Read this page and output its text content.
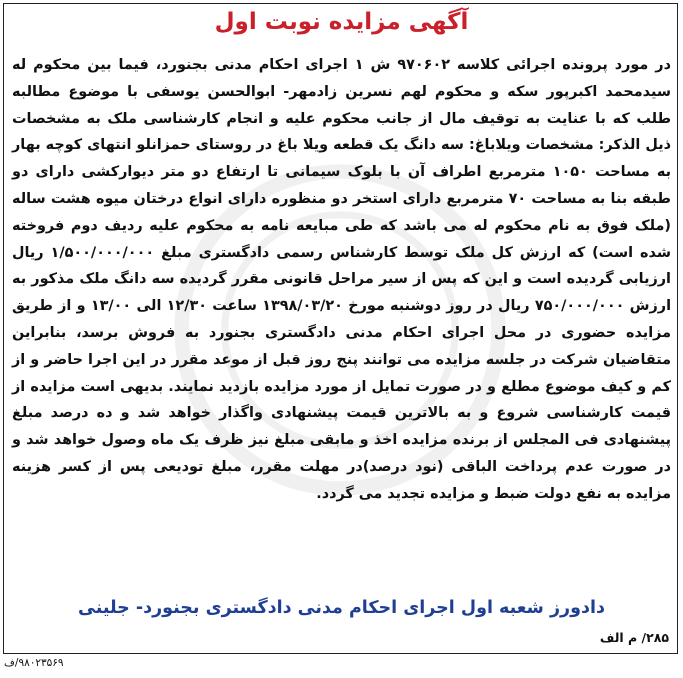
آگهی مزایده نوبت اول

در مورد پرونده اجرائی کلاسه ۹۷۰۶۰۲ ش ۱ اجرای احکام مدنی بجنورد، فیما بین محکوم له سیدمحمد اکبرپور سکه و محکوم لهم نسرین زادمهر- ابوالحسن یوسفی با موضوع مطالبه طلب که با عنایت به توقیف مال از جانب محکوم علیه و انجام کارشناسی ملک به مشخصات ذیل الذکر: مشخصات ویلاباغ: سه دانگ یک قطعه ویلا باغ در روستای حمزانلو انتهای کوچه بهار به مساحت ۱۰۵۰ مترمربع اطراف آن با بلوک سیمانی تا ارتفاع دو متر دیوارکشی دارای دو طبقه بنا به مساحت ۷۰ مترمربع دارای استخر دو منظوره دارای انواع درختان میوه هشت ساله (ملک فوق به نام محکوم له می باشد که طی مبایعه نامه به محکوم علیه ردیف دوم فروخته شده است) که ارزش کل ملک توسط کارشناس رسمی دادگستری مبلغ ۱/۵۰۰/۰۰۰/۰۰۰ ریال ارزیابی گردیده است و این که پس از سیر مراحل قانونی مقرر گردیده سه دانگ ملک مذکور به ارزش ۷۵۰/۰۰۰/۰۰۰ ریال در روز دوشنبه مورخ ۱۳۹۸/۰۳/۲۰ ساعت ۱۲/۳۰ الی ۱۳/۰۰ و از طریق مزایده حضوری در محل اجرای احکام مدنی دادگستری بجنورد به فروش برسد، بنابراین متقاضیان شرکت در جلسه مزایده می توانند پنج روز قبل از موعد مقرر در این اجرا حاضر و از کم و کیف موضوع مطلع و در صورت تمایل از مورد مزایده بازدید نمایند. بدیهی است مزایده از قیمت کارشناسی شروع و به بالاترین قیمت پیشنهادی واگذار خواهد شد و ده درصد مبلغ پیشنهادی فی المجلس از برنده مزایده اخذ و مابقی مبلغ نیز ظرف یک ماه وصول خواهد شد و در صورت عدم پرداخت الباقی (نود درصد)در مهلت مقرر، مبلغ تودیعی پس از کسر هزینه مزایده به نفع دولت ضبط و مزایده تجدید می گردد.

دادورز شعبه اول اجرای احکام مدنی دادگستری بجنورد- جلینی
۲۸۵/ م الف
۹۸۰۲۳۵۶۹/ف
